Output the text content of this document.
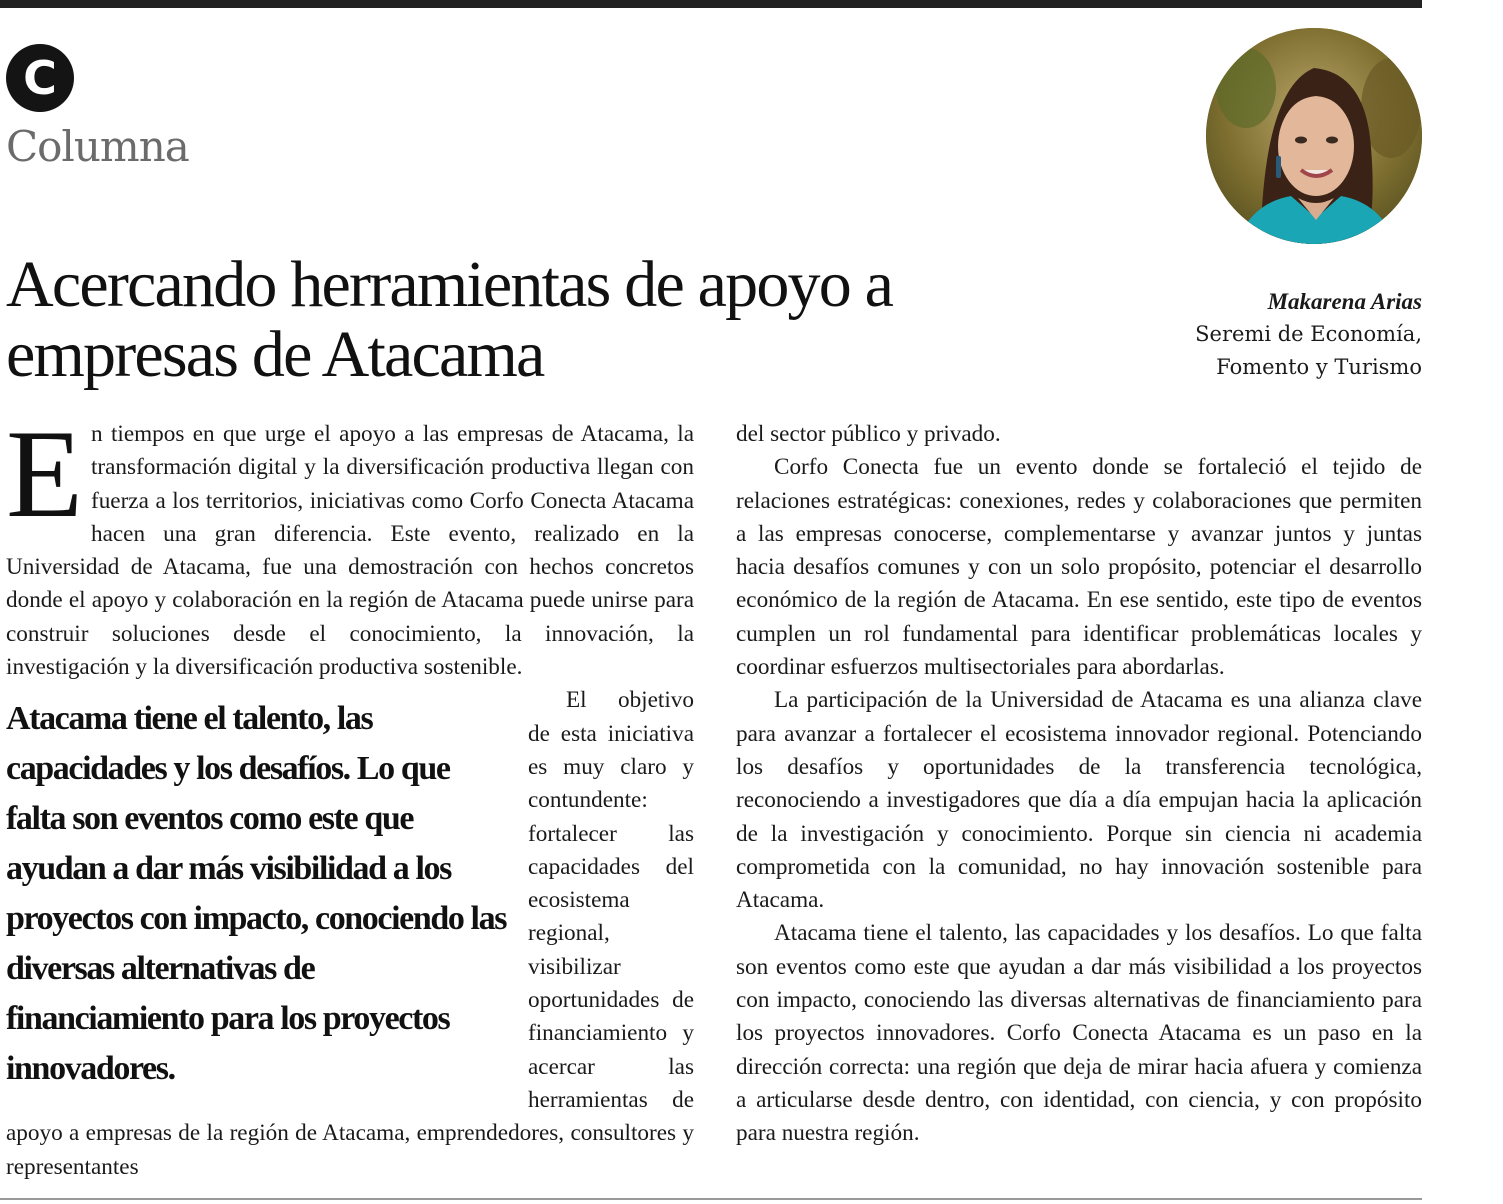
C
Columna
Acercando herramientas de apoyo a empresas de Atacama
Makarena Arias
Seremi de Economía,
Fomento y Turismo

E n tiempos en que urge el apoyo a las empresas de Atacama, la transformación digital y la diversificación productiva llegan con fuerza a los territorios, iniciativas como Corfo Conecta Atacama hacen una gran diferencia. Este evento, realizado en la Universidad de Atacama, fue una demostración con hechos concretos donde el apoyo y colaboración en la región de Atacama puede unirse para construir soluciones desde el conocimiento, la innovación, la investigación y la diversificación productiva sostenible.

Atacama tiene el talento, las capacidades y los desafíos. Lo que falta son eventos como este que ayudan a dar más visibilidad a los proyectos con impacto, conociendo las diversas alternativas de financiamiento para los proyectos innovadores.

El objetivo de esta iniciativa es muy claro y contundente: fortalecer las capacidades del ecosistema regional, visibilizar oportunidades de financiamiento y acercar las herramientas de apoyo a empresas de la región de Atacama, emprendedores, consultores y representantes

del sector público y privado.

Corfo Conecta fue un evento donde se fortaleció el tejido de relaciones estratégicas: conexiones, redes y colaboraciones que permiten a las empresas conocerse, complementarse y avanzar juntos y juntas hacia desafíos comunes y con un solo propósito, potenciar el desarrollo económico de la región de Atacama. En ese sentido, este tipo de eventos cumplen un rol fundamental para identificar problemáticas locales y coordinar esfuerzos multisectoriales para abordarlas.

La participación de la Universidad de Atacama es una alianza clave para avanzar a fortalecer el ecosistema innovador regional. Potenciando los desafíos y oportunidades de la transferencia tecnológica, reconociendo a investigadores que día a día empujan hacia la aplicación de la investigación y conocimiento. Porque sin ciencia ni academia comprometida con la comunidad, no hay innovación sostenible para Atacama.

Atacama tiene el talento, las capacidades y los desafíos. Lo que falta son eventos como este que ayudan a dar más visibilidad a los proyectos con impacto, conociendo las diversas alternativas de financiamiento para los proyectos innovadores. Corfo Conecta Atacama es un paso en la dirección correcta: una región que deja de mirar hacia afuera y comienza a articularse desde dentro, con identidad, con ciencia, y con propósito para nuestra región.
